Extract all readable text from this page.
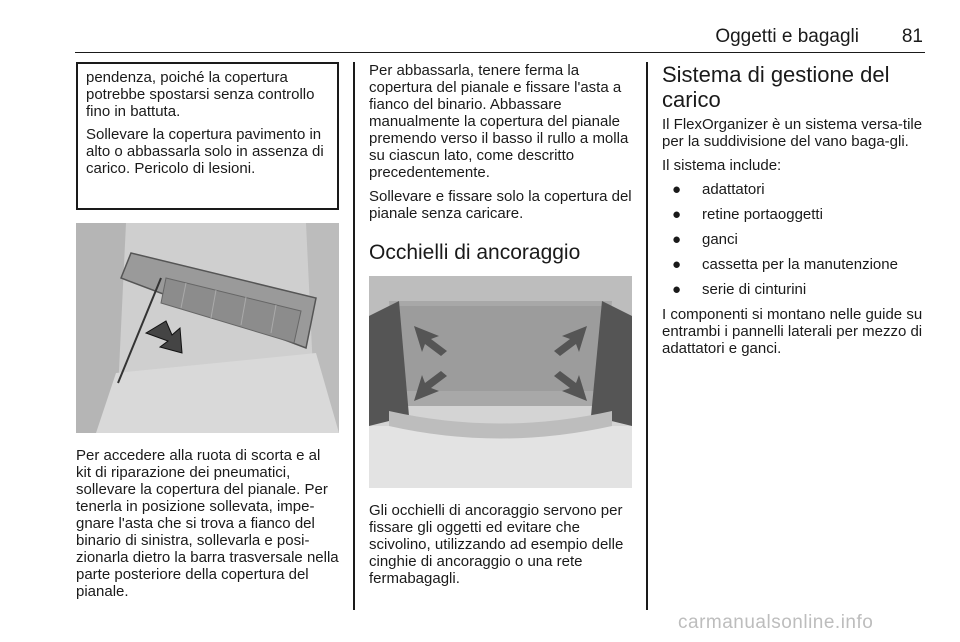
Oggetti e bagagli 81

pendenza, poiché la copertura potrebbe spostarsi senza controllo fino in battuta.

Sollevare la copertura pavimento in alto o abbassarla solo in assenza di carico. Pericolo di lesioni.

Per accedere alla ruota di scorta e al kit di riparazione dei pneumatici, sollevare la copertura del pianale. Per tenerla in posizione sollevata, impe-gnare l'asta che si trova a fianco del binario di sinistra, sollevarla e posi-zionarla dietro la barra trasversale nella parte posteriore della copertura del pianale.

Per abbassarla, tenere ferma la copertura del pianale e fissare l'asta a fianco del binario. Abbassare manualmente la copertura del pianale premendo verso il basso il rullo a molla su ciascun lato, come descritto precedentemente.

Sollevare e fissare solo la copertura del pianale senza caricare.

Occhielli di ancoraggio

Gli occhielli di ancoraggio servono per fissare gli oggetti ed evitare che scivolino, utilizzando ad esempio delle cinghie di ancoraggio o una rete fermabagagli.

Sistema di gestione del carico

Il FlexOrganizer è un sistema versa-tile per la suddivisione del vano baga-gli.

Il sistema include:

● adattatori
● retine portaoggetti
● ganci
● cassetta per la manutenzione
● serie di cinturini

I componenti si montano nelle guide su entrambi i pannelli laterali per mezzo di adattatori e ganci.

carmanualsonline.info
